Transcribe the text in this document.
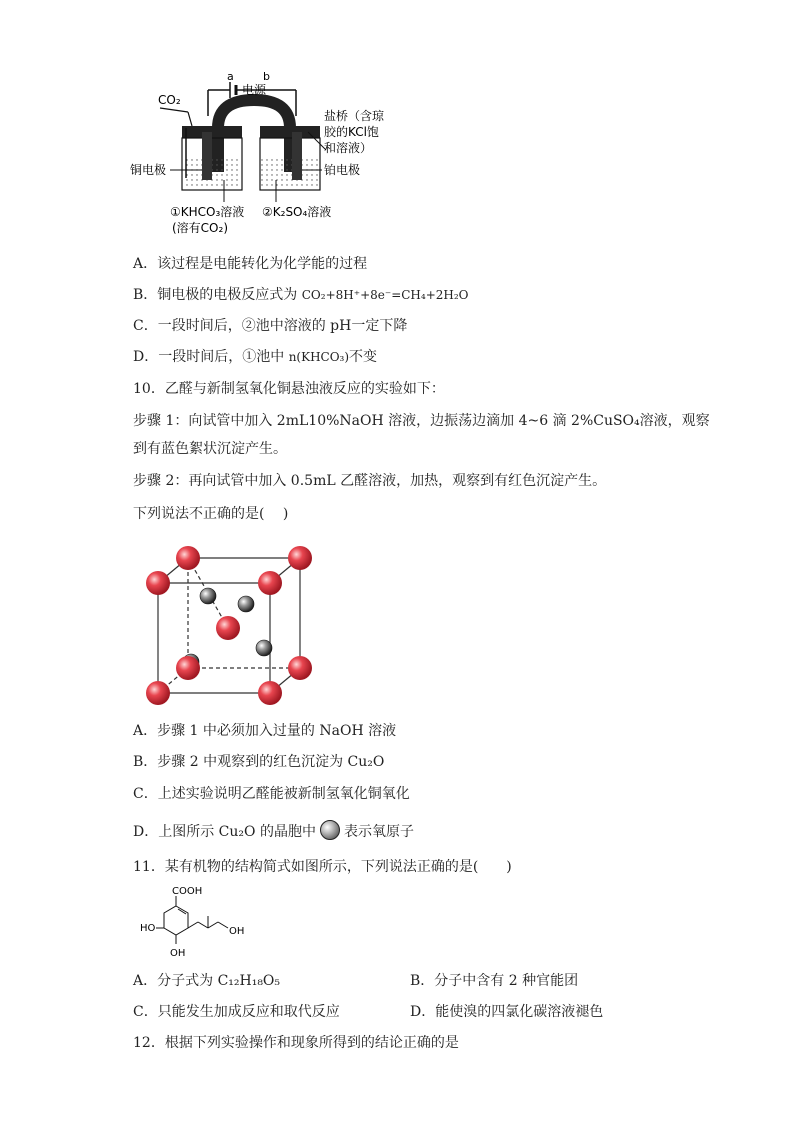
CO₂
a	b
电源
盐桥（含琼
胶的KCl饱
和溶液）
铜电极	铂电极
①KHCO₃溶液
(溶有CO₂)
②K₂SO₄溶液
A．该过程是电能转化为化学能的过程
B．铜电极的电极反应式为 CO₂+8H⁺+8e⁻=CH₄+2H₂O
C．一段时间后，②池中溶液的 pH一定下降
D．一段时间后，①池中 n(KHCO₃)不变
10．乙醛与新制氢氧化铜悬浊液反应的实验如下：
步骤 1：向试管中加入 2mL10%NaOH 溶液，边振荡边滴加 4~6 滴 2%CuSO₄溶液，观察
到有蓝色絮状沉淀产生。
步骤 2：再向试管中加入 0.5mL 乙醛溶液，加热，观察到有红色沉淀产生。
下列说法不正确的是(　 )
A．步骤 1 中必须加入过量的 NaOH 溶液
B．步骤 2 中观察到的红色沉淀为 Cu₂O
C．上述实验说明乙醛能被新制氢氧化铜氧化
D．上图所示 Cu₂O 的晶胞中 表示氧原子
11．某有机物的结构简式如图所示，下列说法正确的是(　　)
COOH
HO
OH
OH
A．分子式为 C₁₂H₁₈O₅	B．分子中含有 2 种官能团
C．只能发生加成反应和取代反应	D．能使溴的四氯化碳溶液褪色
12．根据下列实验操作和现象所得到的结论正确的是
